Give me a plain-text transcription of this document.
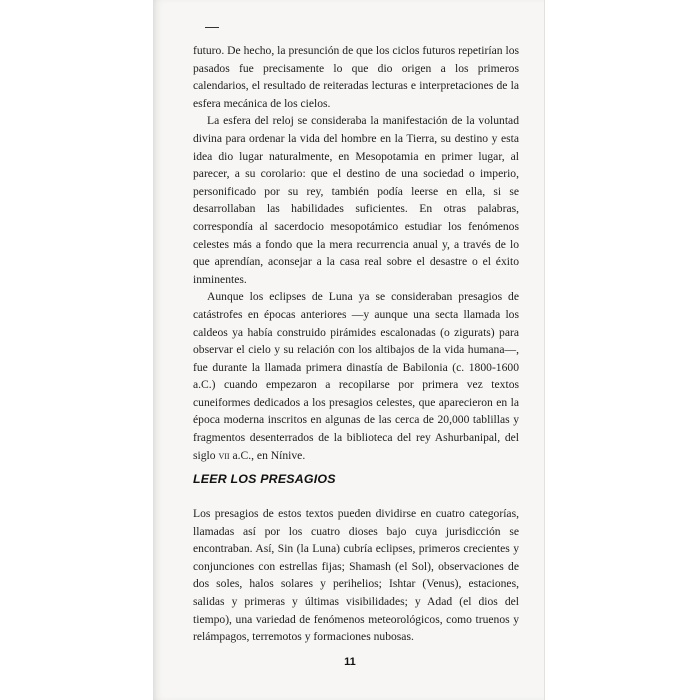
futuro. De hecho, la presunción de que los ciclos futuros repetirían los pasados fue precisamente lo que dio origen a los primeros calendarios, el resultado de reiteradas lecturas e interpretaciones de la esfera mecánica de los cielos.

La esfera del reloj se consideraba la manifestación de la voluntad divina para ordenar la vida del hombre en la Tierra, su destino y esta idea dio lugar naturalmente, en Mesopotamia en primer lugar, al parecer, a su corolario: que el destino de una sociedad o imperio, personificado por su rey, también podía leerse en ella, si se desarrollaban las habilidades suficientes. En otras palabras, correspondía al sacerdocio mesopotámico estudiar los fenómenos celestes más a fondo que la mera recurrencia anual y, a través de lo que aprendían, aconsejar a la casa real sobre el desastre o el éxito inminentes.

Aunque los eclipses de Luna ya se consideraban presagios de catástrofes en épocas anteriores —y aunque una secta llamada los caldeos ya había construido pirámides escalonadas (o zigurats) para observar el cielo y su relación con los altibajos de la vida humana—, fue durante la llamada primera dinastía de Babilonia (c. 1800-1600 a.C.) cuando empezaron a recopilarse por primera vez textos cuneiformes dedicados a los presagios celestes, que aparecieron en la época moderna inscritos en algunas de las cerca de 20,000 tablillas y fragmentos desenterrados de la biblioteca del rey Ashurbanipal, del siglo vii a.C., en Nínive.

LEER LOS PRESAGIOS

Los presagios de estos textos pueden dividirse en cuatro categorías, llamadas así por los cuatro dioses bajo cuya jurisdicción se encontraban. Así, Sin (la Luna) cubría eclipses, primeros crecientes y conjunciones con estrellas fijas; Shamash (el Sol), observaciones de dos soles, halos solares y perihelios; Ishtar (Venus), estaciones, salidas y primeras y últimas visibilidades; y Adad (el dios del tiempo), una variedad de fenómenos meteorológicos, como truenos y relámpagos, terremotos y formaciones nubosas.

11
